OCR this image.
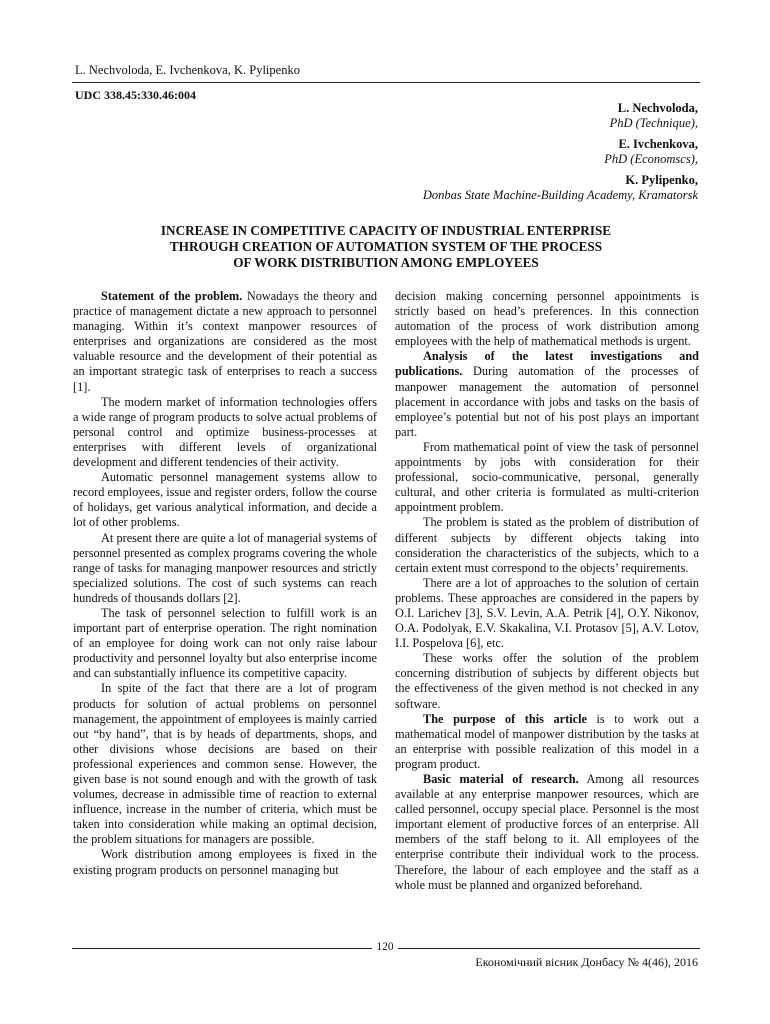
L. Nechvoloda, E. Ivchenkova, K. Pylipenko
UDC 338.45:330.46:004
L. Nechvoloda,
PhD (Technique),
E. Ivchenkova,
PhD (Economsсs),
K. Pylipenko,
Donbas State Machine-Building Academy, Kramatorsk
INCREASE IN COMPETITIVE CAPACITY OF INDUSTRIAL ENTERPRISE
THROUGH CREATION OF AUTOMATION SYSTEM OF THE PROCESS
OF WORK DISTRIBUTION AMONG EMPLOYEES

Statement of the problem. Nowadays the theory and practice of management dictate a new approach to personnel managing. Within it’s context manpower resources of enterprises and organizations are considered as the most valuable resource and the development of their potential as an important strategic task of enterprises to reach a success [1].

The modern market of information technologies offers a wide range of program products to solve actual problems of personal control and optimize business-processes at enterprises with different levels of organizational development and different tendencies of their activity.

Automatic personnel management systems allow to record employees, issue and register orders, follow the course of holidays, get various analytical information, and decide a lot of other problems.

At present there are quite a lot of managerial systems of personnel presented as complex programs covering the whole range of tasks for managing manpower resources and strictly specialized solutions. The cost of such systems can reach hundreds of thousands dollars [2].

The task of personnel selection to fulfill work is an important part of enterprise operation. The right nomination of an employee for doing work can not only raise labour productivity and personnel loyalty but also enterprise income and can substantially influence its competitive capacity.

In spite of the fact that there are a lot of program products for solution of actual problems on personnel management, the appointment of employees is mainly carried out “by hand”, that is by heads of departments, shops, and other divisions whose decisions are based on their professional experiences and common sense. However, the given base is not sound enough and with the growth of task volumes, decrease in admissible time of reaction to external influence, increase in the number of criteria, which must be taken into consideration while making an optimal decision, the problem situations for managers are possible.

Work distribution among employees is fixed in the existing program products on personnel managing but

decision making concerning personnel appointments is strictly based on head’s preferences. In this connection automation of the process of work distribution among employees with the help of mathematical methods is urgent.

Analysis of the latest investigations and publications. During automation of the processes of manpower management the automation of personnel placement in accordance with jobs and tasks on the basis of employee’s potential but not of his post plays an important part.

From mathematical point of view the task of personnel appointments by jobs with consideration for their professional, socio-communicative, personal, generally cultural, and other criteria is formulated as multi-criterion appointment problem.

The problem is stated as the problem of distribution of different subjects by different objects taking into consideration the characteristics of the subjects, which to a certain extent must correspond to the objects’ requirements.

There are a lot of approaches to the solution of certain problems. These approaches are considered in the papers by O.I. Larichev [3], S.V. Levin, A.A. Petrik [4], O.Y. Nikonov, O.A. Podolyak, E.V. Skakalina, V.I. Protasov [5], A.V. Lotov, I.I. Pospelova [6], etc.

These works offer the solution of the problem concerning distribution of subjects by different objects but the effectiveness of the given method is not checked in any software.

The purpose of this article is to work out a mathematical model of manpower distribution by the tasks at an enterprise with possible realization of this model in a program product.

Basic material of research. Among all resources available at any enterprise manpower resources, which are called personnel, occupy special place. Personnel is the most important element of productive forces of an enterprise. All members of the staff belong to it. All employees of the enterprise contribute their individual work to the process. Therefore, the labour of each employee and the staff as a whole must be planned and organized beforehand.

120
Економічний вісник Донбасу № 4(46), 2016
